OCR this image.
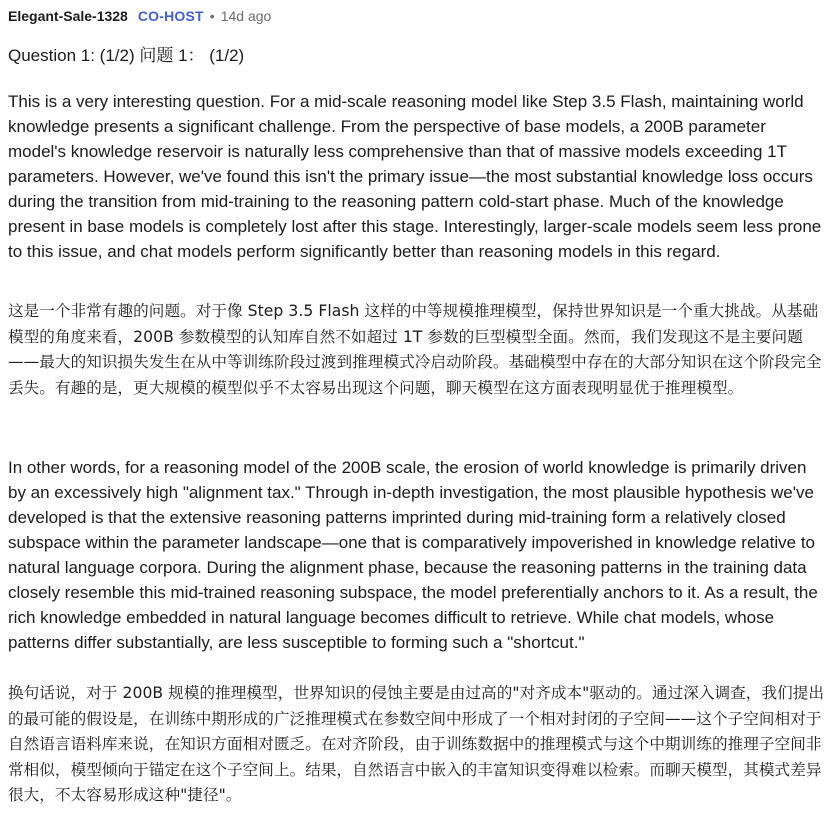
Elegant-Sale-1328 CO-HOST • 14d ago
Question 1: (1/2) 问题 1： (1/2)

This is a very interesting question. For a mid-scale reasoning model like Step 3.5 Flash, maintaining world knowledge presents a significant challenge. From the perspective of base models, a 200B parameter model's knowledge reservoir is naturally less comprehensive than that of massive models exceeding 1T parameters. However, we've found this isn't the primary issue—the most substantial knowledge loss occurs during the transition from mid-training to the reasoning pattern cold-start phase. Much of the knowledge present in base models is completely lost after this stage. Interestingly, larger-scale models seem less prone to this issue, and chat models perform significantly better than reasoning models in this regard.

这是一个非常有趣的问题。对于像 Step 3.5 Flash 这样的中等规模推理模型，保持世界知识是一个重大挑战。从基础模型的角度来看，200B 参数模型的认知库自然不如超过 1T 参数的巨型模型全面。然而，我们发现这不是主要问题——最大的知识损失发生在从中等训练阶段过渡到推理模式冷启动阶段。基础模型中存在的大部分知识在这个阶段完全丢失。有趣的是，更大规模的模型似乎不太容易出现这个问题，聊天模型在这方面表现明显优于推理模型。

In other words, for a reasoning model of the 200B scale, the erosion of world knowledge is primarily driven by an excessively high "alignment tax." Through in-depth investigation, the most plausible hypothesis we've developed is that the extensive reasoning patterns imprinted during mid-training form a relatively closed subspace within the parameter landscape—one that is comparatively impoverished in knowledge relative to natural language corpora. During the alignment phase, because the reasoning patterns in the training data closely resemble this mid-trained reasoning subspace, the model preferentially anchors to it. As a result, the rich knowledge embedded in natural language becomes difficult to retrieve. While chat models, whose patterns differ substantially, are less susceptible to forming such a "shortcut."

换句话说，对于 200B 规模的推理模型，世界知识的侵蚀主要是由过高的"对齐成本"驱动的。通过深入调查，我们提出的最可能的假设是，在训练中期形成的广泛推理模式在参数空间中形成了一个相对封闭的子空间——这个子空间相对于自然语言语料库来说，在知识方面相对匮乏。在对齐阶段，由于训练数据中的推理模式与这个中期训练的推理子空间非常相似，模型倾向于锚定在这个子空间上。结果，自然语言中嵌入的丰富知识变得难以检索。而聊天模型，其模式差异很大，不太容易形成这种"捷径"。
